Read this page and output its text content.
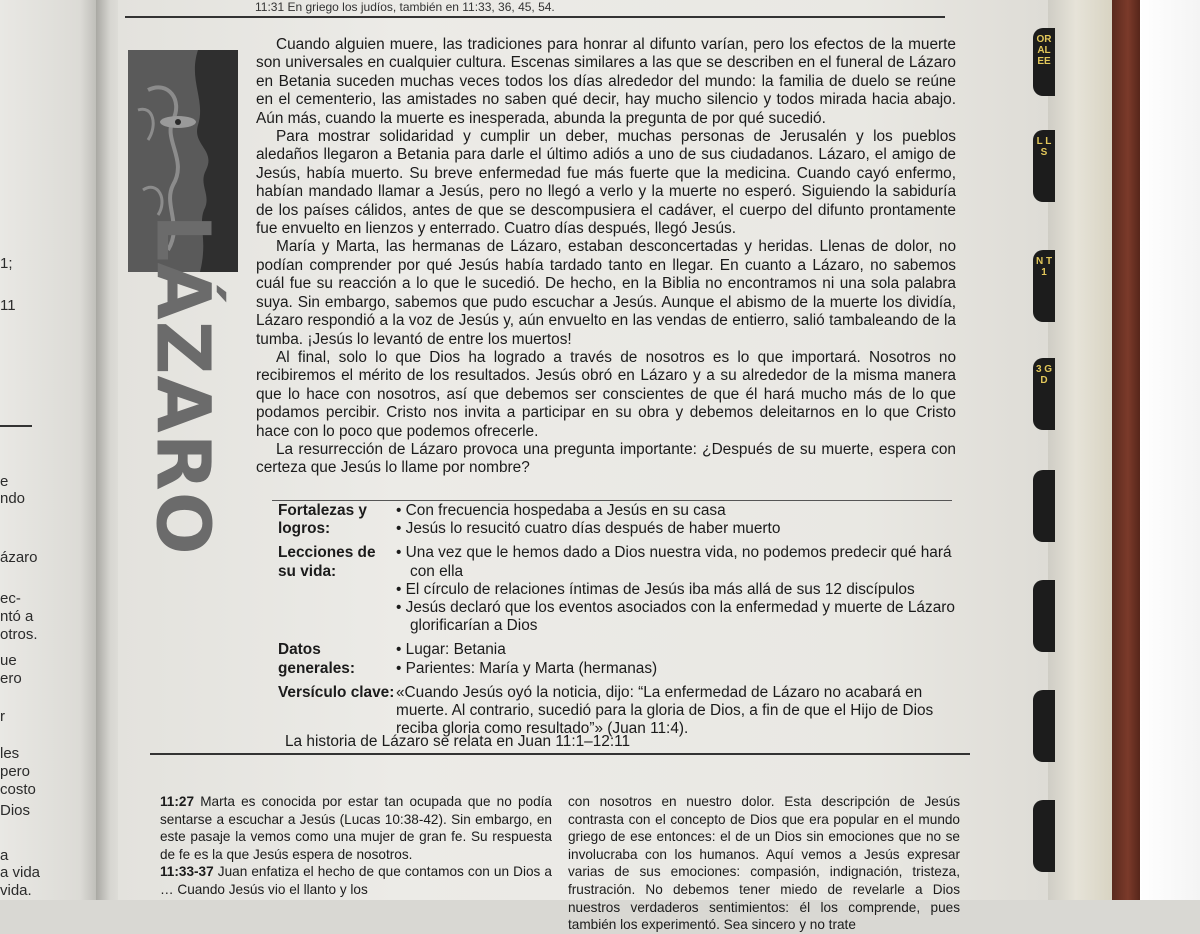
1;
11
e
ndo
ázaro
ec-
ntó a
otros.
ue
ero
r
les
pero
costo
Dios
a
a vida
vida.
11:31 En griego los judíos, también en 11:33, 36, 45, 54.
LÁZARO

Cuando alguien muere, las tradiciones para honrar al difunto varían, pero los efectos de la muerte son universales en cualquier cultura. Escenas similares a las que se describen en el funeral de Lázaro en Betania suceden muchas veces todos los días alrededor del mundo: la familia de duelo se reúne en el cementerio, las amistades no saben qué decir, hay mucho silencio y todos mirada hacia abajo. Aún más, cuando la muerte es inesperada, abunda la pregunta de por qué sucedió.

Para mostrar solidaridad y cumplir un deber, muchas personas de Jerusalén y los pueblos aledaños llegaron a Betania para darle el último adiós a uno de sus ciudadanos. Lázaro, el amigo de Jesús, había muerto. Su breve enfermedad fue más fuerte que la medicina. Cuando cayó enfermo, habían mandado llamar a Jesús, pero no llegó a verlo y la muerte no esperó. Siguiendo la sabiduría de los países cálidos, antes de que se descompusiera el cadáver, el cuerpo del difunto prontamente fue envuelto en lienzos y enterrado. Cuatro días después, llegó Jesús.

María y Marta, las hermanas de Lázaro, estaban desconcertadas y heridas. Llenas de dolor, no podían comprender por qué Jesús había tardado tanto en llegar. En cuanto a Lázaro, no sabemos cuál fue su reacción a lo que le sucedió. De hecho, en la Biblia no encontramos ni una sola palabra suya. Sin embargo, sabemos que pudo escuchar a Jesús. Aunque el abismo de la muerte los dividía, Lázaro respondió a la voz de Jesús y, aún envuelto en las vendas de entierro, salió tambaleando de la tumba. ¡Jesús lo levantó de entre los muertos!

Al final, solo lo que Dios ha logrado a través de nosotros es lo que importará. Nosotros no recibiremos el mérito de los resultados. Jesús obró en Lázaro y a su alrededor de la misma manera que lo hace con nosotros, así que debemos ser conscientes de que él hará mucho más de lo que podamos percibir. Cristo nos invita a participar en su obra y debemos deleitarnos en lo que Cristo hace con lo poco que podemos ofrecerle.

La resurrección de Lázaro provoca una pregunta importante: ¿Después de su muerte, espera con certeza que Jesús lo llame por nombre?

Fortalezas y logros:
• Con frecuencia hospedaba a Jesús en su casa
• Jesús lo resucitó cuatro días después de haber muerto
Lecciones de su vida:
• Una vez que le hemos dado a Dios nuestra vida, no podemos predecir qué hará con ella
• El círculo de relaciones íntimas de Jesús iba más allá de sus 12 discípulos
• Jesús declaró que los eventos asociados con la enfermedad y muerte de Lázaro glorificarían a Dios
Datos generales:
• Lugar: Betania
• Parientes: María y Marta (hermanas)
Versículo clave: «Cuando Jesús oyó la noticia, dijo: “La enfermedad de Lázaro no acabará en muerte. Al contrario, sucedió para la gloria de Dios, a fin de que el Hijo de Dios reciba gloria como resultado”» (Juan 11:4).
La historia de Lázaro se relata en Juan 11:1–12:11

11:27 Marta es conocida por estar tan ocupada que no podía sentarse a escuchar a Jesús (Lucas 10:38-42). Sin embargo, en este pasaje la vemos como una mujer de gran fe. Su respuesta de fe es la que Jesús espera de nosotros.

11:33-37 Juan enfatiza el hecho de que contamos con un Dios a … Cuando Jesús vio el llanto y los

con nosotros en nuestro dolor. Esta descripción de Jesús contrasta con el concepto de Dios que era popular en el mundo griego de ese entonces: el de un Dios sin emociones que no se involucraba con los humanos. Aquí vemos a Jesús expresar varias de sus emociones: compasión, indignación, tristeza, frustración. No debemos tener miedo de revelarle a Dios nuestros verdaderos sentimientos: él los comprende, pues también los experimentó. Sea sincero y no trate

OR AL EE
L L S
N T 1
3 G D
